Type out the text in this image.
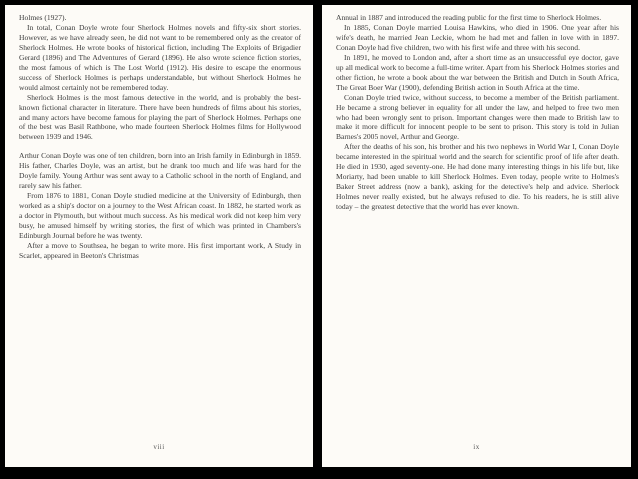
Holmes (1927).

In total, Conan Doyle wrote four Sherlock Holmes novels and fifty-six short stories. However, as we have already seen, he did not want to be remembered only as the creator of Sherlock Holmes. He wrote books of historical fiction, including The Exploits of Brigadier Gerard (1896) and The Adventures of Gerard (1896). He also wrote science fiction stories, the most famous of which is The Lost World (1912). His desire to escape the enormous success of Sherlock Holmes is perhaps understandable, but without Sherlock Holmes he would almost certainly not be remembered today.

Sherlock Holmes is the most famous detective in the world, and is probably the best-known fictional character in literature. There have been hundreds of films about his stories, and many actors have become famous for playing the part of Sherlock Holmes. Perhaps one of the best was Basil Rathbone, who made fourteen Sherlock Holmes films for Hollywood between 1939 and 1946.

Arthur Conan Doyle was one of ten children, born into an Irish family in Edinburgh in 1859. His father, Charles Doyle, was an artist, but he drank too much and life was hard for the Doyle family. Young Arthur was sent away to a Catholic school in the north of England, and rarely saw his father.

From 1876 to 1881, Conan Doyle studied medicine at the University of Edinburgh, then worked as a ship's doctor on a journey to the West African coast. In 1882, he started work as a doctor in Plymouth, but without much success. As his medical work did not keep him very busy, he amused himself by writing stories, the first of which was printed in Chambers's Edinburgh Journal before he was twenty.

After a move to Southsea, he began to write more. His first important work, A Study in Scarlet, appeared in Beeton's Christmas

viii

Annual in 1887 and introduced the reading public for the first time to Sherlock Holmes.

In 1885, Conan Doyle married Louisa Hawkins, who died in 1906. One year after his wife's death, he married Jean Leckie, whom he had met and fallen in love with in 1897. Conan Doyle had five children, two with his first wife and three with his second.

In 1891, he moved to London and, after a short time as an unsuccessful eye doctor, gave up all medical work to become a full-time writer. Apart from his Sherlock Holmes stories and other fiction, he wrote a book about the war between the British and Dutch in South Africa, The Great Boer War (1900), defending British action in South Africa at the time.

Conan Doyle tried twice, without success, to become a member of the British parliament. He became a strong believer in equality for all under the law, and helped to free two men who had been wrongly sent to prison. Important changes were then made to British law to make it more difficult for innocent people to be sent to prison. This story is told in Julian Barnes's 2005 novel, Arthur and George.

After the deaths of his son, his brother and his two nephews in World War I, Conan Doyle became interested in the spiritual world and the search for scientific proof of life after death. He died in 1930, aged seventy-one. He had done many interesting things in his life but, like Moriarty, had been unable to kill Sherlock Holmes. Even today, people write to Holmes's Baker Street address (now a bank), asking for the detective's help and advice. Sherlock Holmes never really existed, but he always refused to die. To his readers, he is still alive today – the greatest detective that the world has ever known.

ix
